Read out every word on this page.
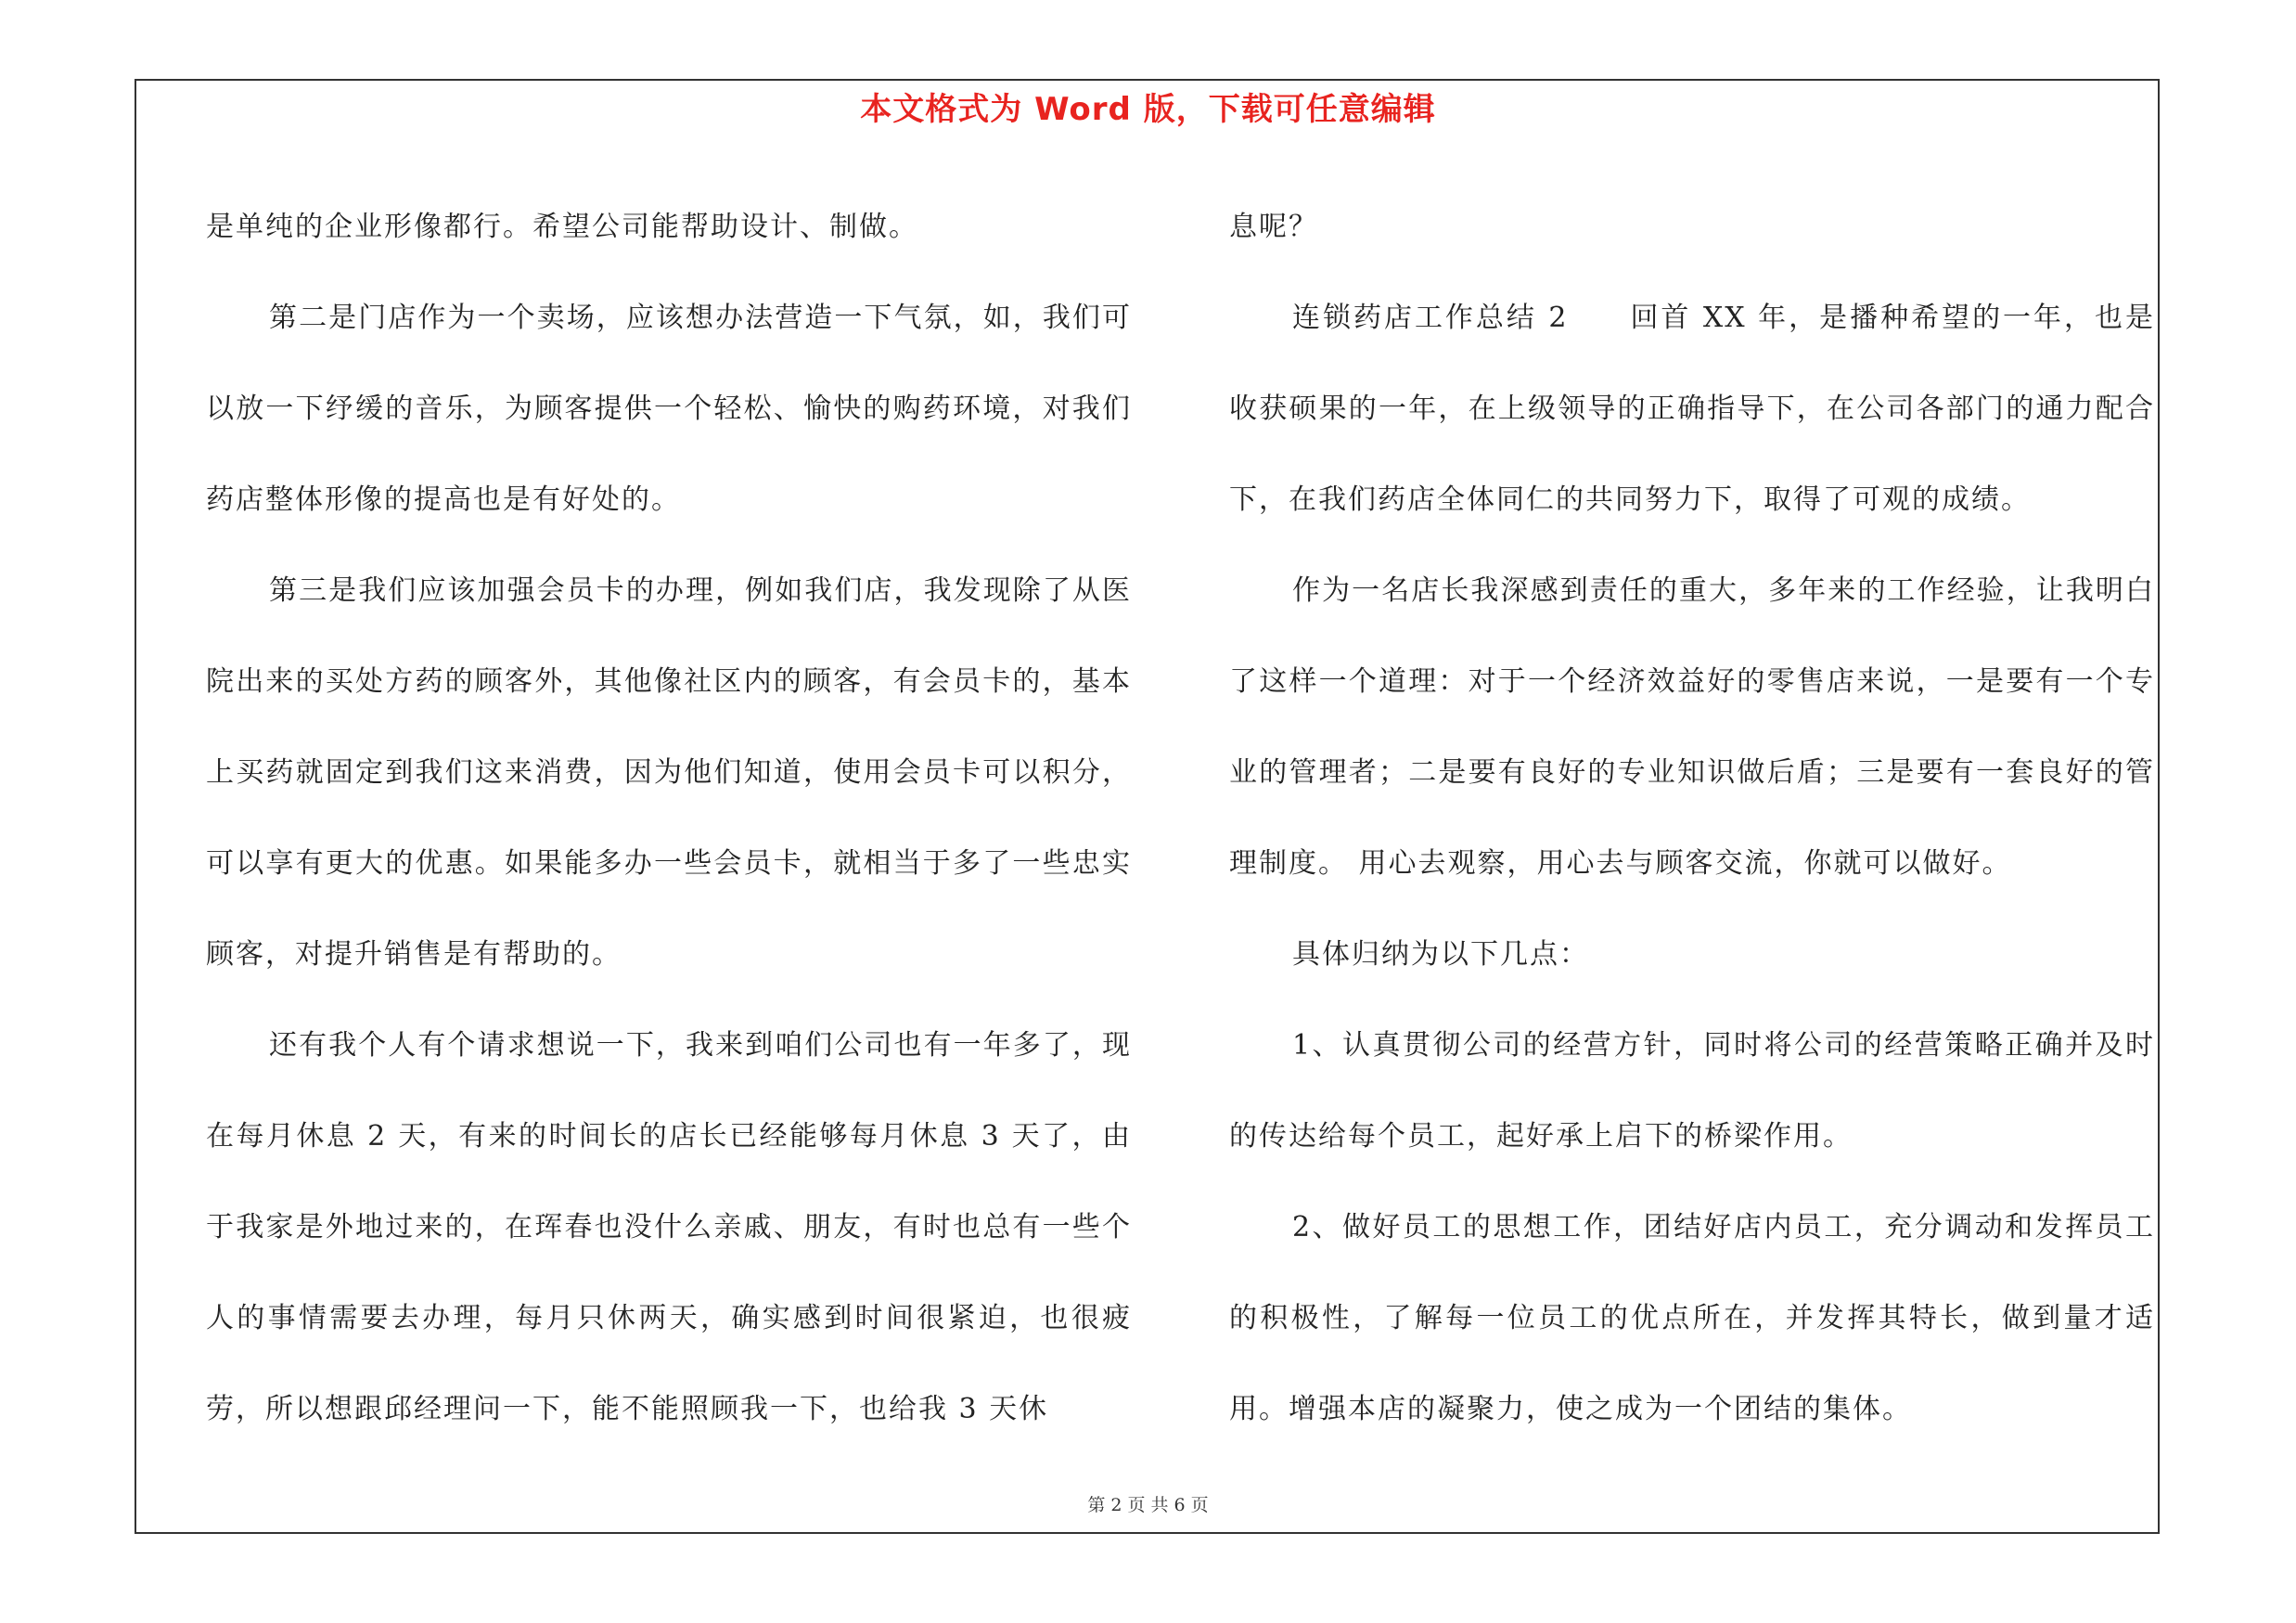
本文格式为 Word 版，下载可任意编辑

是单纯的企业形像都行。希望公司能帮助设计、制做。

第二是门店作为一个卖场，应该想办法营造一下气氛，如，我们可以放一下纾缓的音乐，为顾客提供一个轻松、愉快的购药环境，对我们药店整体形像的提高也是有好处的。

第三是我们应该加强会员卡的办理，例如我们店，我发现除了从医院出来的买处方药的顾客外，其他像社区内的顾客，有会员卡的，基本上买药就固定到我们这来消费，因为他们知道，使用会员卡可以积分，可以享有更大的优惠。如果能多办一些会员卡，就相当于多了一些忠实顾客，对提升销售是有帮助的。

还有我个人有个请求想说一下，我来到咱们公司也有一年多了，现在每月休息 2 天，有来的时间长的店长已经能够每月休息 3 天了，由于我家是外地过来的，在珲春也没什么亲戚、朋友，有时也总有一些个人的事情需要去办理，每月只休两天，确实感到时间很紧迫，也很疲劳，所以想跟邱经理问一下，能不能照顾我一下，也给我 3 天休

息呢？

连锁药店工作总结 2　　回首 XX 年，是播种希望的一年，也是收获硕果的一年，在上级领导的正确指导下，在公司各部门的通力配合下，在我们药店全体同仁的共同努力下，取得了可观的成绩。

作为一名店长我深感到责任的重大，多年来的工作经验，让我明白了这样一个道理：对于一个经济效益好的零售店来说，一是要有一个专业的管理者；二是要有良好的专业知识做后盾；三是要有一套良好的管理制度。 用心去观察，用心去与顾客交流，你就可以做好。

具体归纳为以下几点：

1、认真贯彻公司的经营方针，同时将公司的经营策略正确并及时的传达给每个员工，起好承上启下的桥梁作用。

2、做好员工的思想工作，团结好店内员工，充分调动和发挥员工的积极性，了解每一位员工的优点所在，并发挥其特长，做到量才适用。增强本店的凝聚力，使之成为一个团结的集体。

第 2 页 共 6 页
